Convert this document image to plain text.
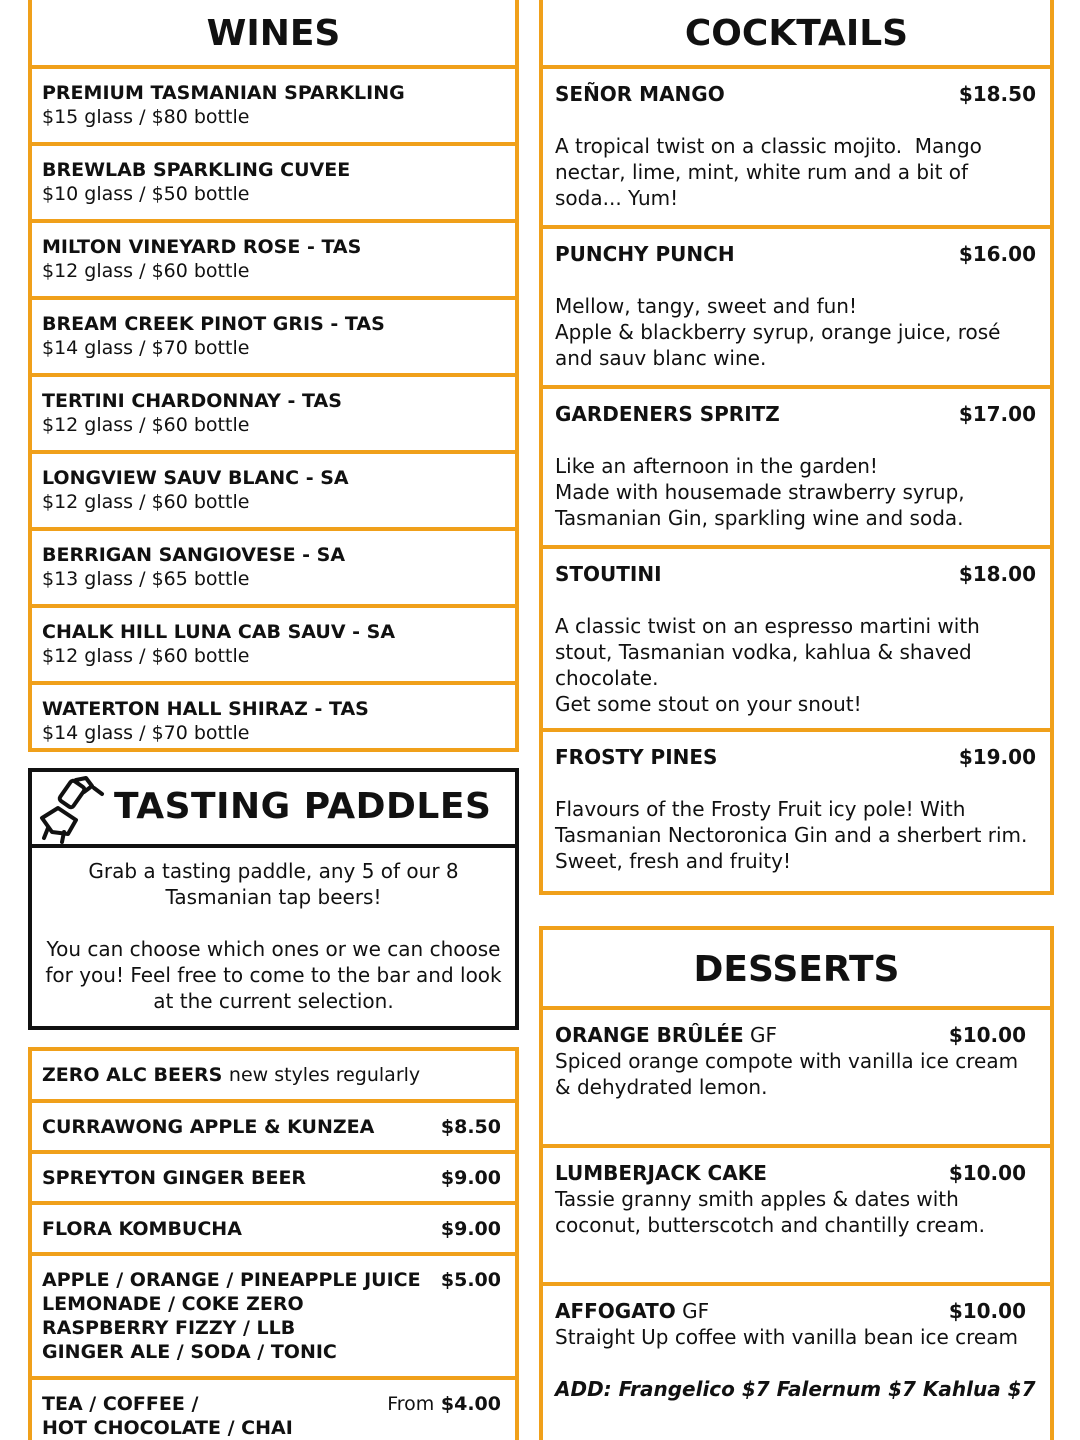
WINES
PREMIUM TASMANIAN SPARKLING
$15 glass / $80 bottle
BREWLAB SPARKLING CUVEE
$10 glass / $50 bottle
MILTON VINEYARD ROSE - TAS
$12 glass / $60 bottle
BREAM CREEK PINOT GRIS - TAS
$14 glass / $70 bottle
TERTINI CHARDONNAY - TAS
$12 glass / $60 bottle
LONGVIEW SAUV BLANC - SA
$12 glass / $60 bottle
BERRIGAN SANGIOVESE - SA
$13 glass / $65 bottle
CHALK HILL LUNA CAB SAUV - SA
$12 glass / $60 bottle
WATERTON HALL SHIRAZ - TAS
$14 glass / $70 bottle
TASTING PADDLES

Grab a tasting paddle, any 5 of our 8 Tasmanian tap beers!

You can choose which ones or we can choose for you! Feel free to come to the bar and look at the current selection.

ZERO ALC BEERS new styles regularly
CURRAWONG APPLE & KUNZEA	$8.50
SPREYTON GINGER BEER	$9.00
FLORA KOMBUCHA	$9.00
APPLE / ORANGE / PINEAPPLE JUICE
LEMONADE / COKE ZERO
RASPBERRY FIZZY / LLB
GINGER ALE / SODA / TONIC
$5.00
TEA / COFFEE /
HOT CHOCOLATE / CHAI
From $4.00
COCKTAILS
SEÑOR MANGO	$18.50
A tropical twist on a classic mojito.  Mango nectar, lime, mint, white rum and a bit of soda... Yum!
PUNCHY PUNCH	$16.00
Mellow, tangy, sweet and fun!
Apple & blackberry syrup, orange juice, rosé and sauv blanc wine.
GARDENERS SPRITZ	$17.00
Like an afternoon in the garden!
Made with housemade strawberry syrup, Tasmanian Gin, sparkling wine and soda.
STOUTINI	$18.00
A classic twist on an espresso martini with stout, Tasmanian vodka, kahlua & shaved chocolate.
Get some stout on your snout!
FROSTY PINES	$19.00
Flavours of the Frosty Fruit icy pole! With Tasmanian Nectoronica Gin and a sherbert rim. Sweet, fresh and fruity!
DESSERTS
ORANGE BRÛLÉE GF	$10.00
Spiced orange compote with vanilla ice cream & dehydrated lemon.
LUMBERJACK CAKE	$10.00
Tassie granny smith apples & dates with coconut, butterscotch and chantilly cream.
AFFOGATO GF	$10.00
Straight Up coffee with vanilla bean ice cream
ADD: Frangelico $7 Falernum $7 Kahlua $7
